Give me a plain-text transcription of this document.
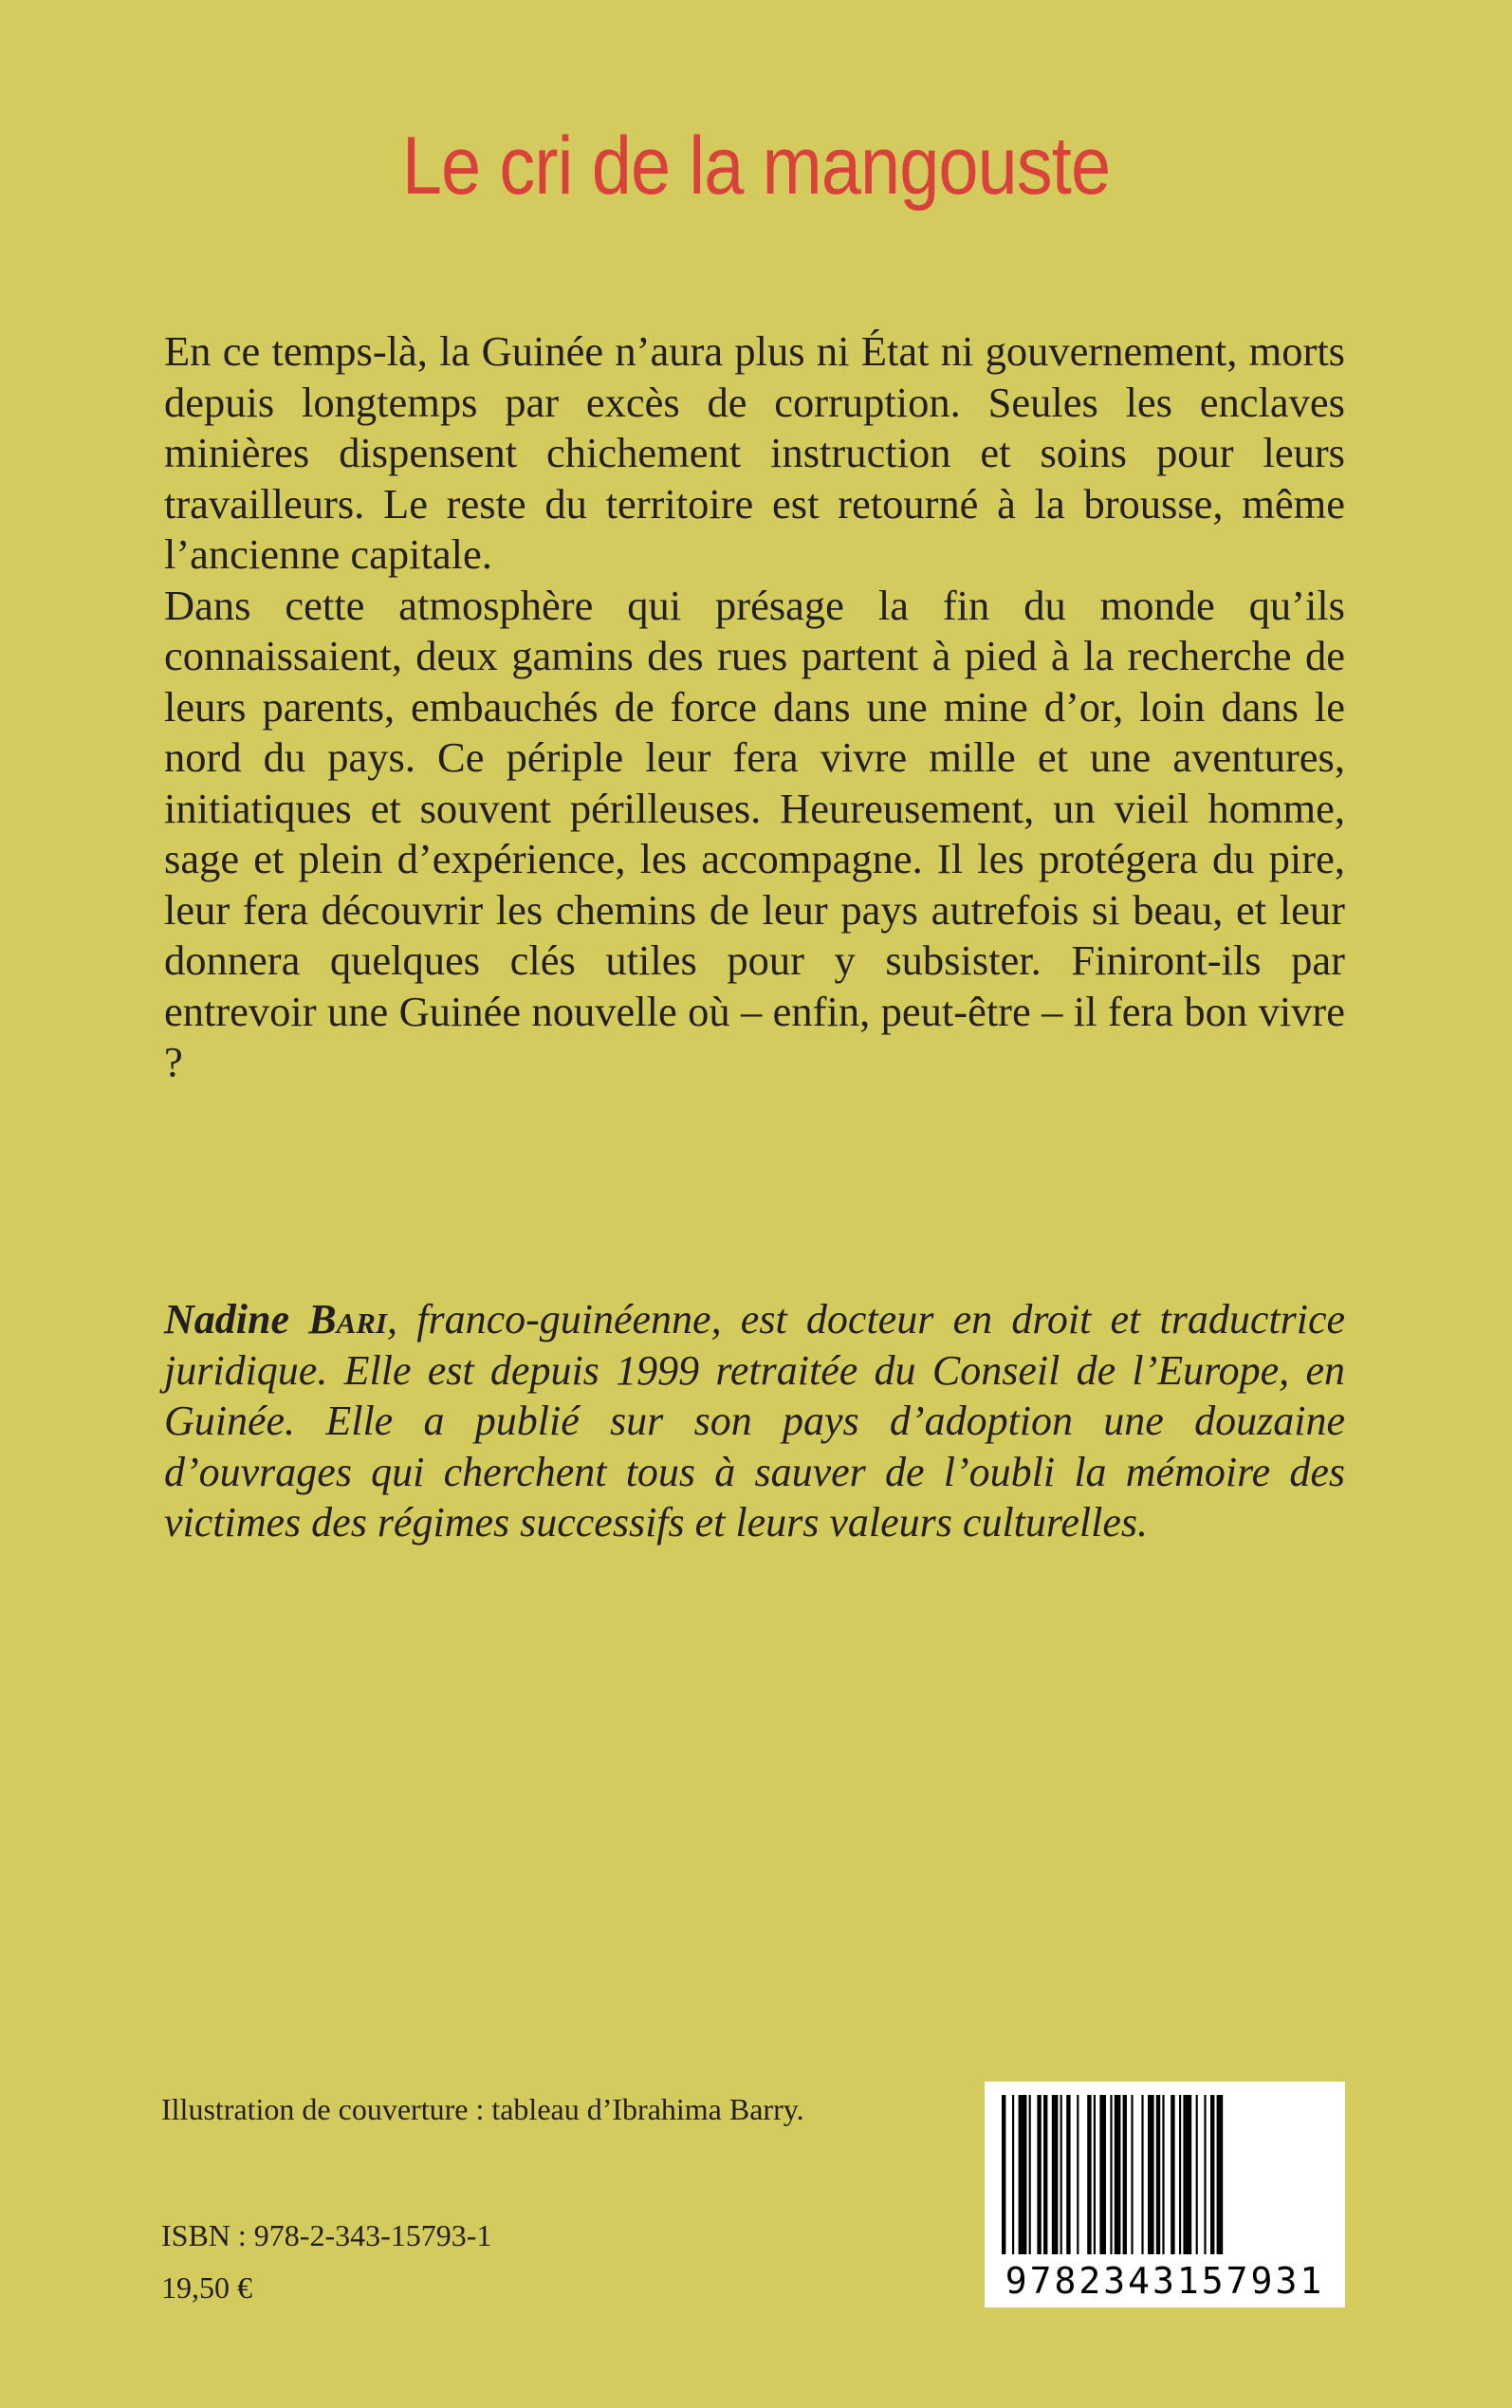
Le cri de la mangouste

En ce temps-là, la Guinée n’aura plus ni État ni gouvernement, morts depuis longtemps par excès de corruption. Seules les enclaves minières dispensent chichement instruction et soins pour leurs travailleurs. Le reste du territoire est retourné à la brousse, même l’ancienne capitale.

Dans cette atmosphère qui présage la fin du monde qu’ils connaissaient, deux gamins des rues partent à pied à la recherche de leurs parents, embauchés de force dans une mine d’or, loin dans le nord du pays. Ce périple leur fera vivre mille et une aventures, initiatiques et souvent périlleuses. Heureusement, un vieil homme, sage et plein d’expérience, les accompagne. Il les protégera du pire, leur fera découvrir les chemins de leur pays autrefois si beau, et leur donnera quelques clés utiles pour y subsister. Finiront-ils par entrevoir une Guinée nouvelle où – enfin, peut-être – il fera bon vivre ?

Nadine Bari, franco-guinéenne, est docteur en droit et traductrice juridique. Elle est depuis 1999 retraitée du Conseil de l’Europe, en Guinée. Elle a publié sur son pays d’adoption une douzaine d’ouvrages qui cherchent tous à sauver de l’oubli la mémoire des victimes des régimes successifs et leurs valeurs culturelles.

Illustration de couverture : tableau d’Ibrahima Barry.

ISBN : 978-2-343-15793-1

19,50 €	9782343157931
